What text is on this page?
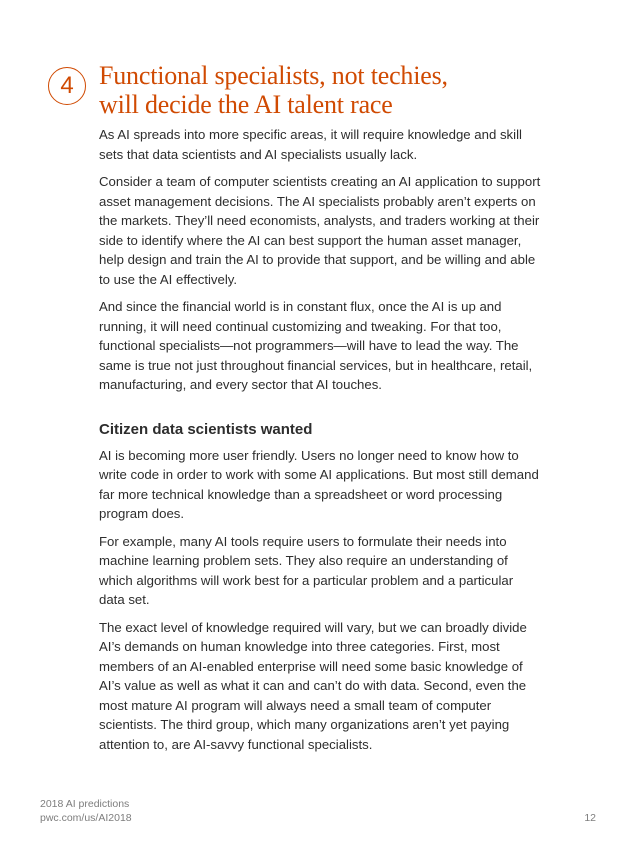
4 Functional specialists, not techies,
will decide the AI talent race

As AI spreads into more specific areas, it will require knowledge and skill sets that data scientists and AI specialists usually lack.

Consider a team of computer scientists creating an AI application to support asset management decisions. The AI specialists probably aren’t experts on the markets. They’ll need economists, analysts, and traders working at their side to identify where the AI can best support the human asset manager, help design and train the AI to provide that support, and be willing and able to use the AI effectively.

And since the financial world is in constant flux, once the AI is up and running, it will need continual customizing and tweaking. For that too, functional specialists—not programmers—will have to lead the way. The same is true not just throughout financial services, but in healthcare, retail, manufacturing, and every sector that AI touches.

Citizen data scientists wanted

AI is becoming more user friendly. Users no longer need to know how to write code in order to work with some AI applications. But most still demand far more technical knowledge than a spreadsheet or word processing program does.

For example, many AI tools require users to formulate their needs into machine learning problem sets. They also require an understanding of which algorithms will work best for a particular problem and a particular data set.

The exact level of knowledge required will vary, but we can broadly divide AI’s demands on human knowledge into three categories. First, most members of an AI-enabled enterprise will need some basic knowledge of AI’s value as well as what it can and can’t do with data. Second, even the most mature AI program will always need a small team of computer scientists. The third group, which many organizations aren’t yet paying attention to, are AI-savvy functional specialists.

2018 AI predictions
pwc.com/us/AI2018	12
